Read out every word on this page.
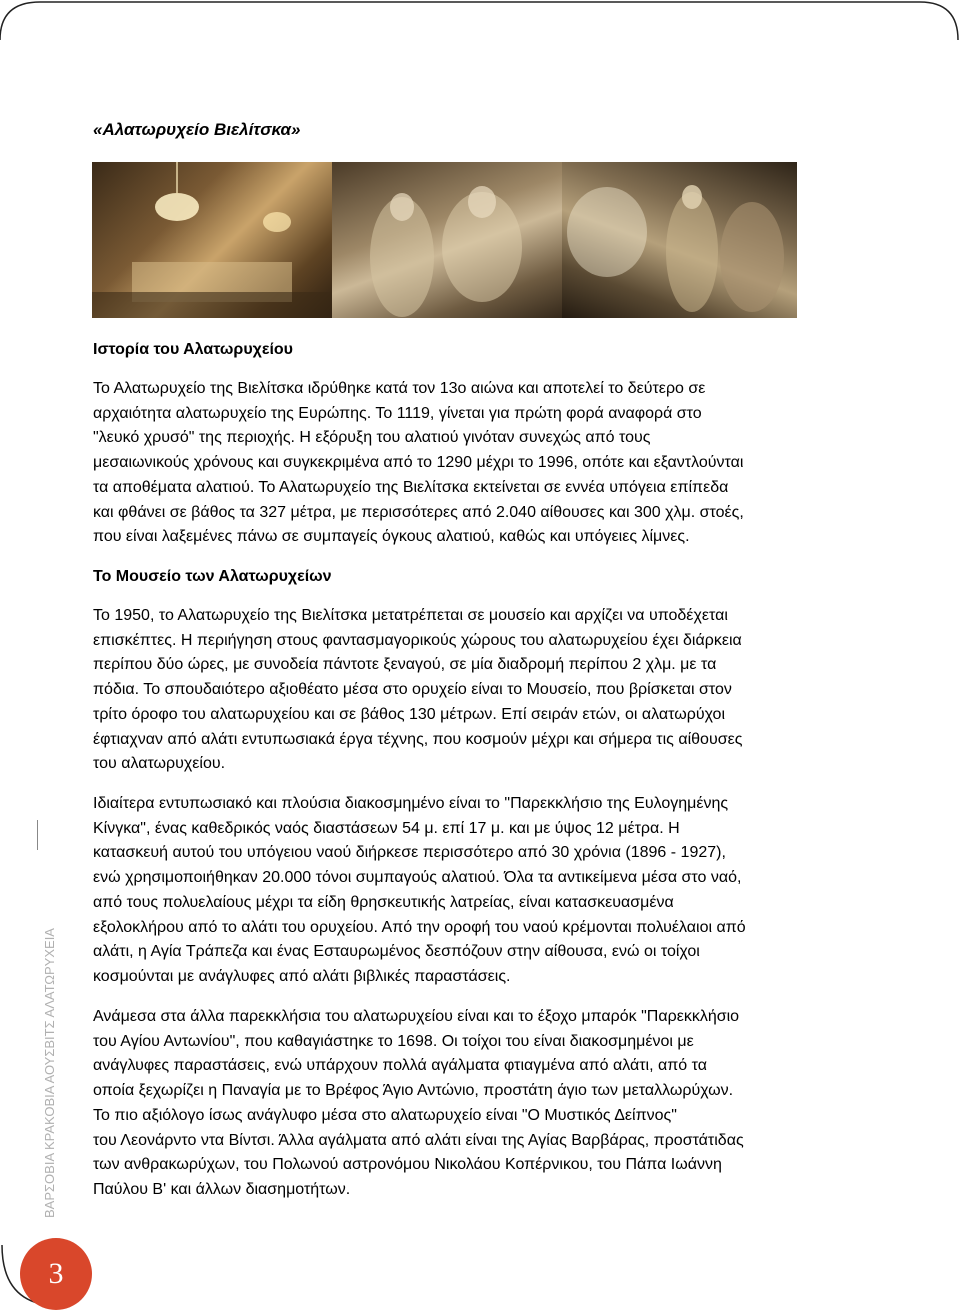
«Αλατωρυχείο Βιελίτσκα»
Ιστορία του Αλατωρυχείου
Το Αλατωρυχείο της Βιελίτσκα ιδρύθηκε κατά τον 13ο αιώνα και αποτελεί το δεύτερο σε
αρχαιότητα αλατωρυχείο της Ευρώπης. Το 1119, γίνεται για πρώτη φορά αναφορά στο
"λευκό χρυσό" της περιοχής. Η εξόρυξη του αλατιού γινόταν συνεχώς από τους
μεσαιωνικούς χρόνους και συγκεκριμένα από το 1290 μέχρι το 1996, οπότε και εξαντλούνται
τα αποθέματα αλατιού. Το Αλατωρυχείο της Βιελίτσκα εκτείνεται σε εννέα υπόγεια επίπεδα
και φθάνει σε βάθος τα 327 μέτρα, με περισσότερες από 2.040 αίθουσες και 300 χλμ. στοές,
που είναι λαξεμένες πάνω σε συμπαγείς όγκους αλατιού, καθώς και υπόγειες λίμνες.
Το Μουσείο των Αλατωρυχείων
Το 1950, το Αλατωρυχείο της Βιελίτσκα μετατρέπεται σε μουσείο και αρχίζει να υποδέχεται
επισκέπτες. Η περιήγηση στους φαντασμαγορικούς χώρους του αλατωρυχείου έχει διάρκεια
περίπου δύο ώρες, με συνοδεία πάντοτε ξεναγού, σε μία διαδρομή περίπου 2 χλμ. με τα
πόδια. Το σπουδαιότερο αξιοθέατο μέσα στο ορυχείο είναι το Μουσείο, που βρίσκεται στον
τρίτο όροφο του αλατωρυχείου και σε βάθος 130 μέτρων. Επί σειράν ετών, οι αλατωρύχοι
έφτιαχναν από αλάτι εντυπωσιακά έργα τέχνης, που κοσμούν μέχρι και σήμερα τις αίθουσες
του αλατωρυχείου.
Ιδιαίτερα εντυπωσιακό και πλούσια διακοσμημένο είναι το "Παρεκκλήσιο της Ευλογημένης
Κίνγκα", ένας καθεδρικός ναός διαστάσεων 54 μ. επί 17 μ. και με ύψος 12 μέτρα. Η
κατασκευή αυτού του υπόγειου ναού διήρκεσε περισσότερο από 30 χρόνια (1896 - 1927),
ενώ χρησιμοποιήθηκαν 20.000 τόνοι συμπαγούς αλατιού. Όλα τα αντικείμενα μέσα στο ναό,
από τους πολυελαίους μέχρι τα είδη θρησκευτικής λατρείας, είναι κατασκευασμένα
εξολοκλήρου από το αλάτι του ορυχείου. Από την οροφή του ναού κρέμονται πολυέλαιοι από
αλάτι, η Αγία Τράπεζα και ένας Εσταυρωμένος δεσπόζουν στην αίθουσα, ενώ οι τοίχοι
κοσμούνται με ανάγλυφες από αλάτι βιβλικές παραστάσεις.
Ανάμεσα στα άλλα παρεκκλήσια του αλατωρυχείου είναι και το έξοχο μπαρόκ "Παρεκκλήσιο
του Αγίου Αντωνίου", που καθαγιάστηκε το 1698. Οι τοίχοι του είναι διακοσμημένοι με
ανάγλυφες παραστάσεις, ενώ υπάρχουν πολλά αγάλματα φτιαγμένα από αλάτι, από τα
οποία ξεχωρίζει η Παναγία με το Βρέφος Άγιο Αντώνιο, προστάτη άγιο των μεταλλωρύχων.
Το πιο αξιόλογο ίσως ανάγλυφο μέσα στο αλατωρυχείο είναι "Ο Μυστικός Δείπνος"
του Λεονάρντο ντα Βίντσι. Άλλα αγάλματα από αλάτι είναι της Αγίας Βαρβάρας, προστάτιδας
των ανθρακωρύχων, του Πολωνού αστρονόμου Νικολάου Κοπέρνικου, του Πάπα Ιωάννη
Παύλου Β' και άλλων διασημοτήτων.
ΒΑΡΣΟΒΙΑ ΚΡΑΚΟΒΙΑ ΑΟΥΣΒΙΤΣ ΑΛΑΤΩΡΥΧΕΙΑ
3
